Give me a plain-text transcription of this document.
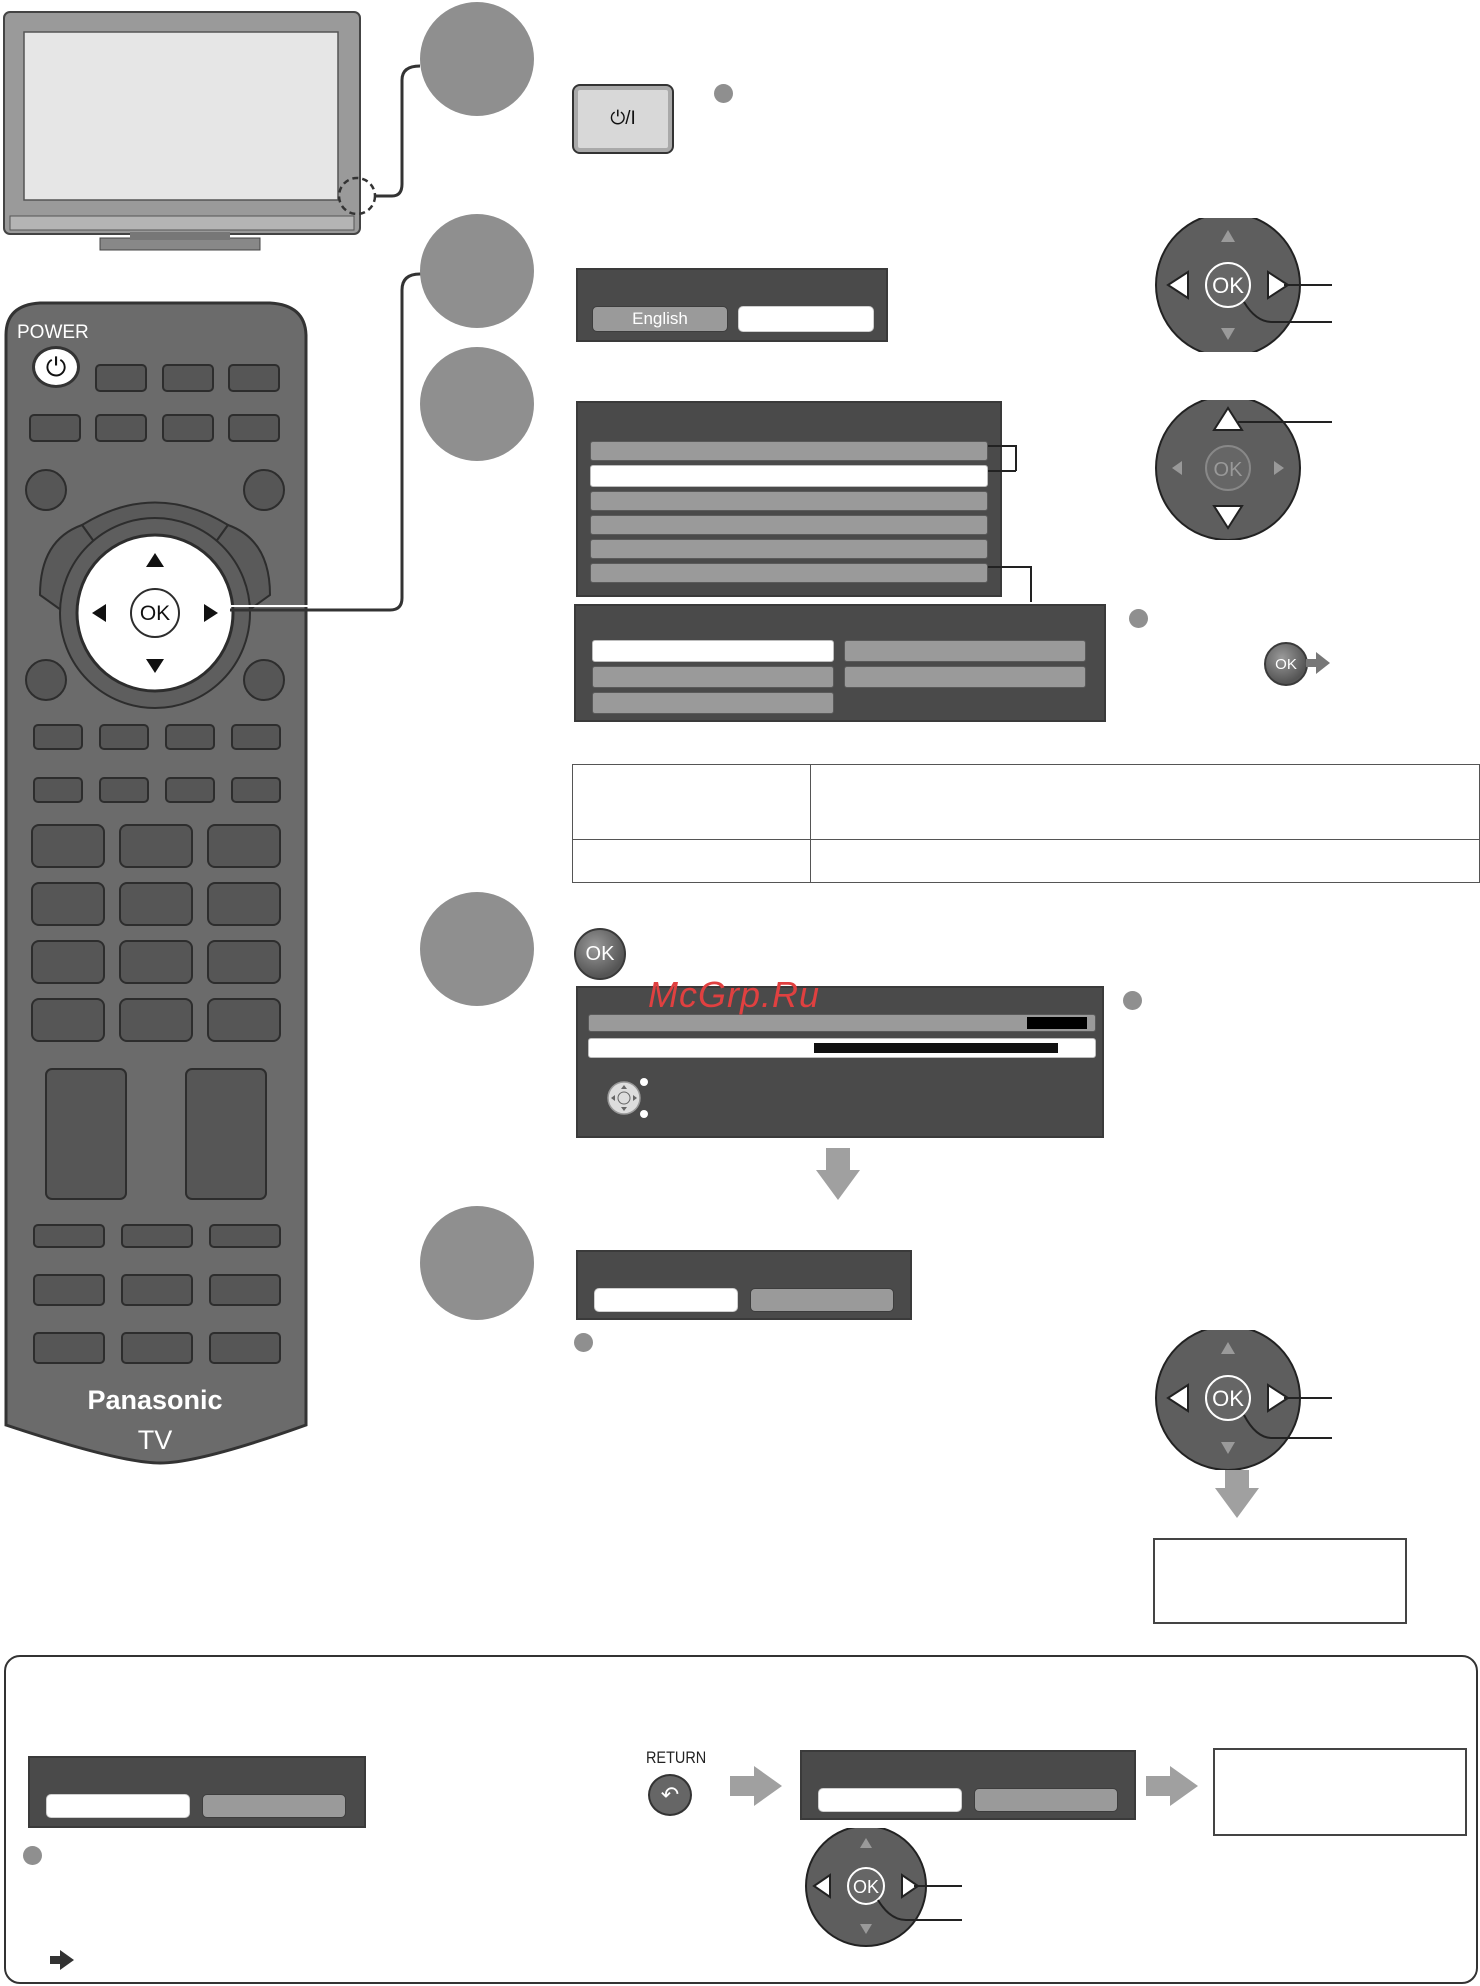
⏻
POWER
OK
Panasonic
TV
⏻/I
English
OK
OK
OK

OK
McGrp.Ru
OK
RETURN
↶
OK
